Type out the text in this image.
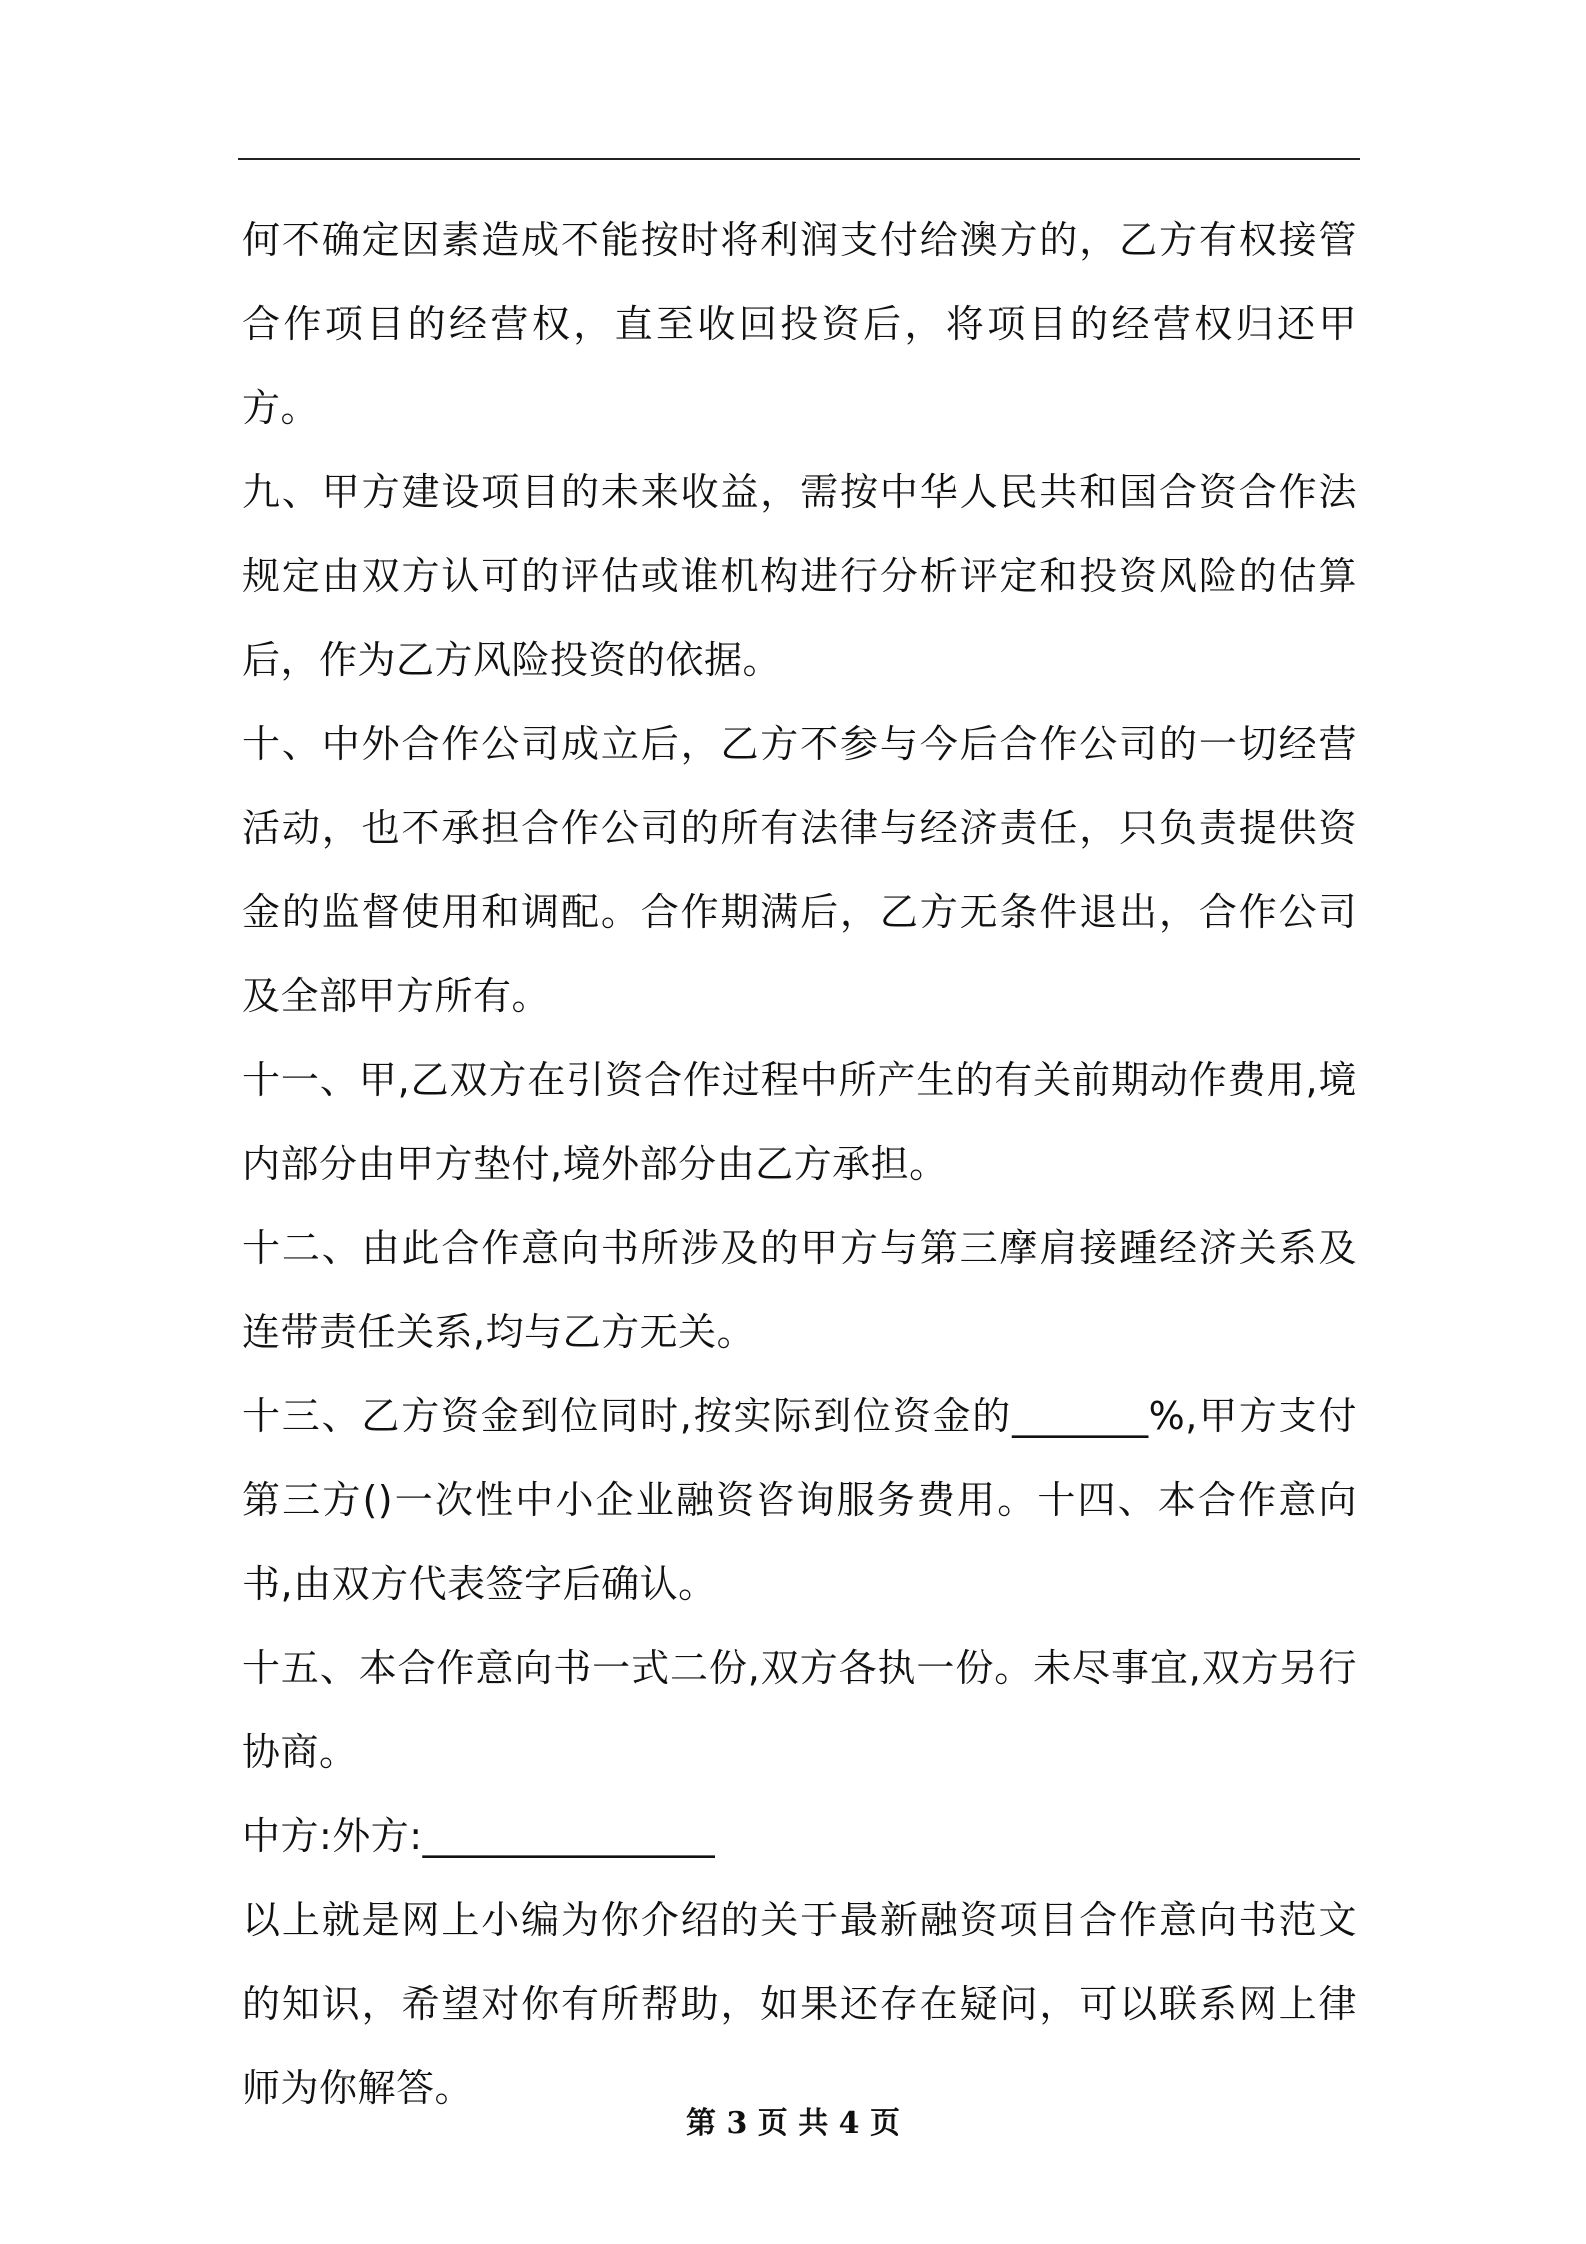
何不确定因素造成不能按时将利润支付给澳方的，乙方有权接管合作项目的经营权，直至收回投资后，将项目的经营权归还甲方。

九、甲方建设项目的未来收益，需按中华人民共和国合资合作法规定由双方认可的评估或谁机构进行分析评定和投资风险的估算后，作为乙方风险投资的依据。

十、中外合作公司成立后，乙方不参与今后合作公司的一切经营活动，也不承担合作公司的所有法律与经济责任，只负责提供资金的监督使用和调配。合作期满后，乙方无条件退出，合作公司及全部甲方所有。

十一、甲,乙双方在引资合作过程中所产生的有关前期动作费用,境内部分由甲方垫付,境外部分由乙方承担。

十二、由此合作意向书所涉及的甲方与第三摩肩接踵经济关系及连带责任关系,均与乙方无关。

十三、乙方资金到位同时,按实际到位资金的_______%,甲方支付第三方()一次性中小企业融资咨询服务费用。十四、本合作意向书,由双方代表签字后确认。

十五、本合作意向书一式二份,双方各执一份。未尽事宜,双方另行协商。

中方:外方:_______________

以上就是网上小编为你介绍的关于最新融资项目合作意向书范文的知识，希望对你有所帮助，如果还存在疑问，可以联系网上律师为你解答。

第 3 页 共 4 页
